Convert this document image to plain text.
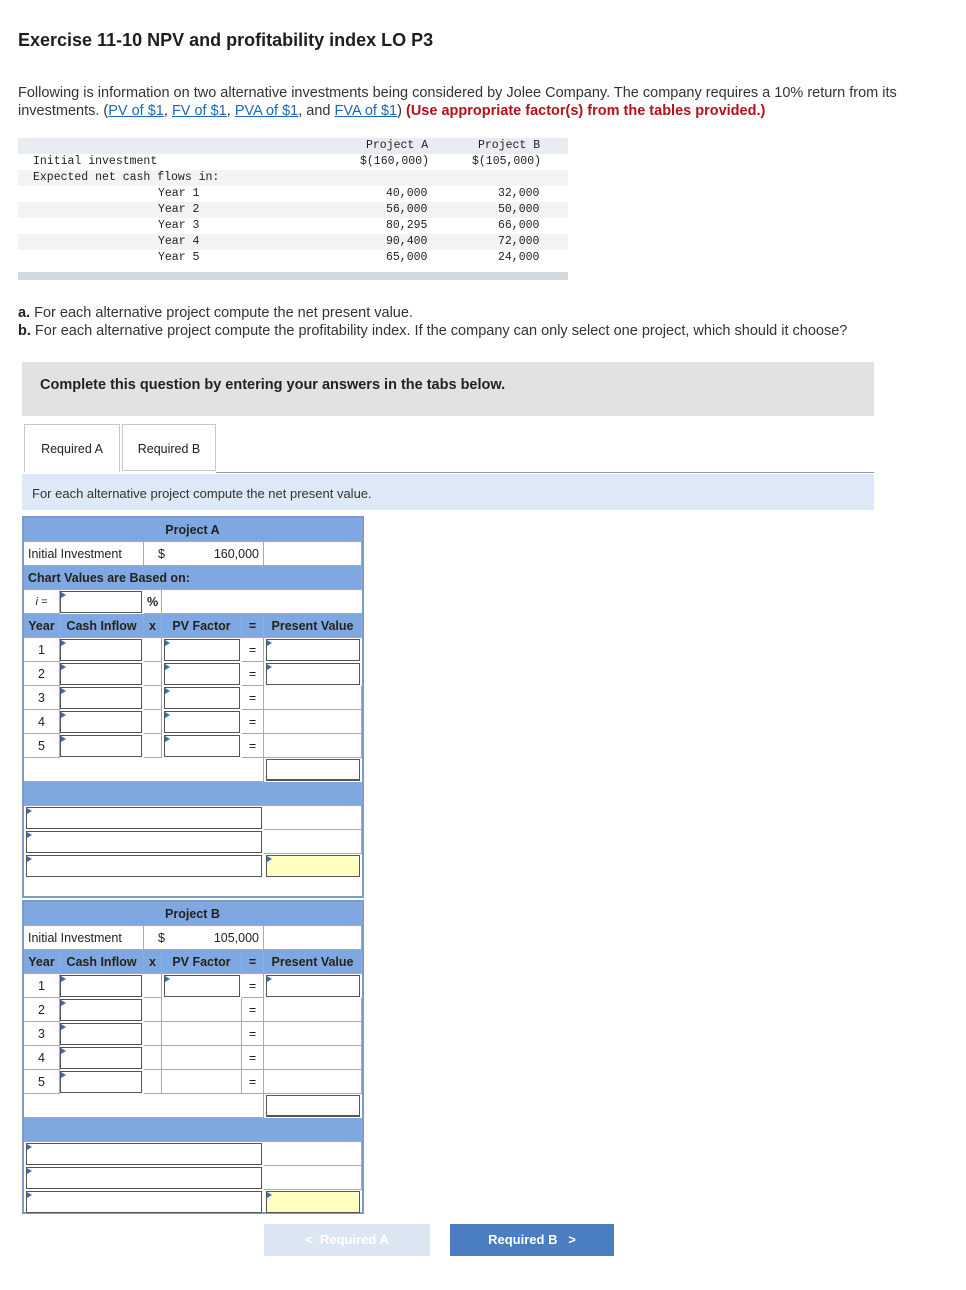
Exercise 11-10 NPV and profitability index LO P3
Following is information on two alternative investments being considered by Jolee Company. The company requires a 10% return from its investments. (PV of $1, FV of $1, PVA of $1, and FVA of $1) (Use appropriate factor(s) from the tables provided.)
Project A	Project B
Initial investment	$(160,000)	$(105,000)
Expected net cash flows in:
Year 1	40,000	32,000
Year 2	56,000	50,000
Year 3	80,295	66,000
Year 4	90,400	72,000
Year 5	65,000	24,000
a. For each alternative project compute the net present value.
b. For each alternative project compute the profitability index. If the company can only select one project, which should it choose?
Complete this question by entering your answers in the tabs below.
Required A	Required B
For each alternative project compute the net present value.
Project A
Initial Investment	$	160,000
Chart Values are Based on:
i =	%
Year Cash Inflow x	PV Factor	=	Present Value
1	=
2	=
3	=
4	=
5	=
Project B
Initial Investment	$	105,000
Year Cash Inflow x	PV Factor	=	Present Value
1	=
2	=
3	=
4	=
5	=
<  Required A	Required B   >
